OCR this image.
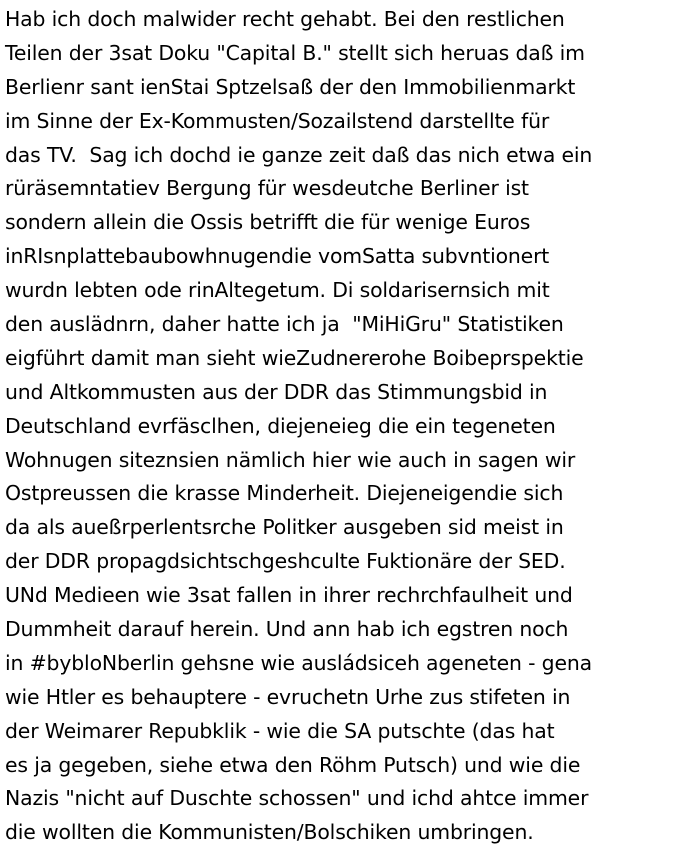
Hab ich doch malwider recht gehabt. Bei den restlichen
Teilen der 3sat Doku "Capital B." stellt sich heruas daß im
Berlienr sant ienStai Sptzelsaß der den Immobilienmarkt
im Sinne der Ex-Kommusten/Sozailstend darstellte für
das TV.  Sag ich dochd ie ganze zeit daß das nich etwa ein
rüräsemntatiev Bergung für wesdeutche Berliner ist
sondern allein die Ossis betrifft die für wenige Euros
inRIsnplattebaubowhnugendie vomSatta subvntionert
wurdn lebten ode rinAltegetum. Di soldarisernsich mit
den auslädnrn, daher hatte ich ja  "MiHiGru" Statistiken
eigführt damit man sieht wieZudnererohe Boibeprspektie
und Altkommusten aus der DDR das Stimmungsbid in
Deutschland evrfäsclhen, diejeneieg die ein tegeneten
Wohnugen siteznsien nämlich hier wie auch in sagen wir
Ostpreussen die krasse Minderheit. Diejeneigendie sich
da als aueßrperlentsrche Politker ausgeben sid meist in
der DDR propagdsichtschgeshculte Fuktionäre der SED.
UNd Medieen wie 3sat fallen in ihrer rechrchfaulheit und
Dummheit darauf herein. Und ann hab ich egstren noch
in #bybloNberlin gehsne wie ausládsiceh ageneten - gena
wie Htler es behauptere - evruchetn Urhe zus stifeten in
der Weimarer Repubklik - wie die SA putschte (das hat
es ja gegeben, siehe etwa den Röhm Putsch) und wie die
Nazis "nicht auf Duschte schossen" und ichd ahtce immer
die wollten die Kommunisten/Bolschiken umbringen.
